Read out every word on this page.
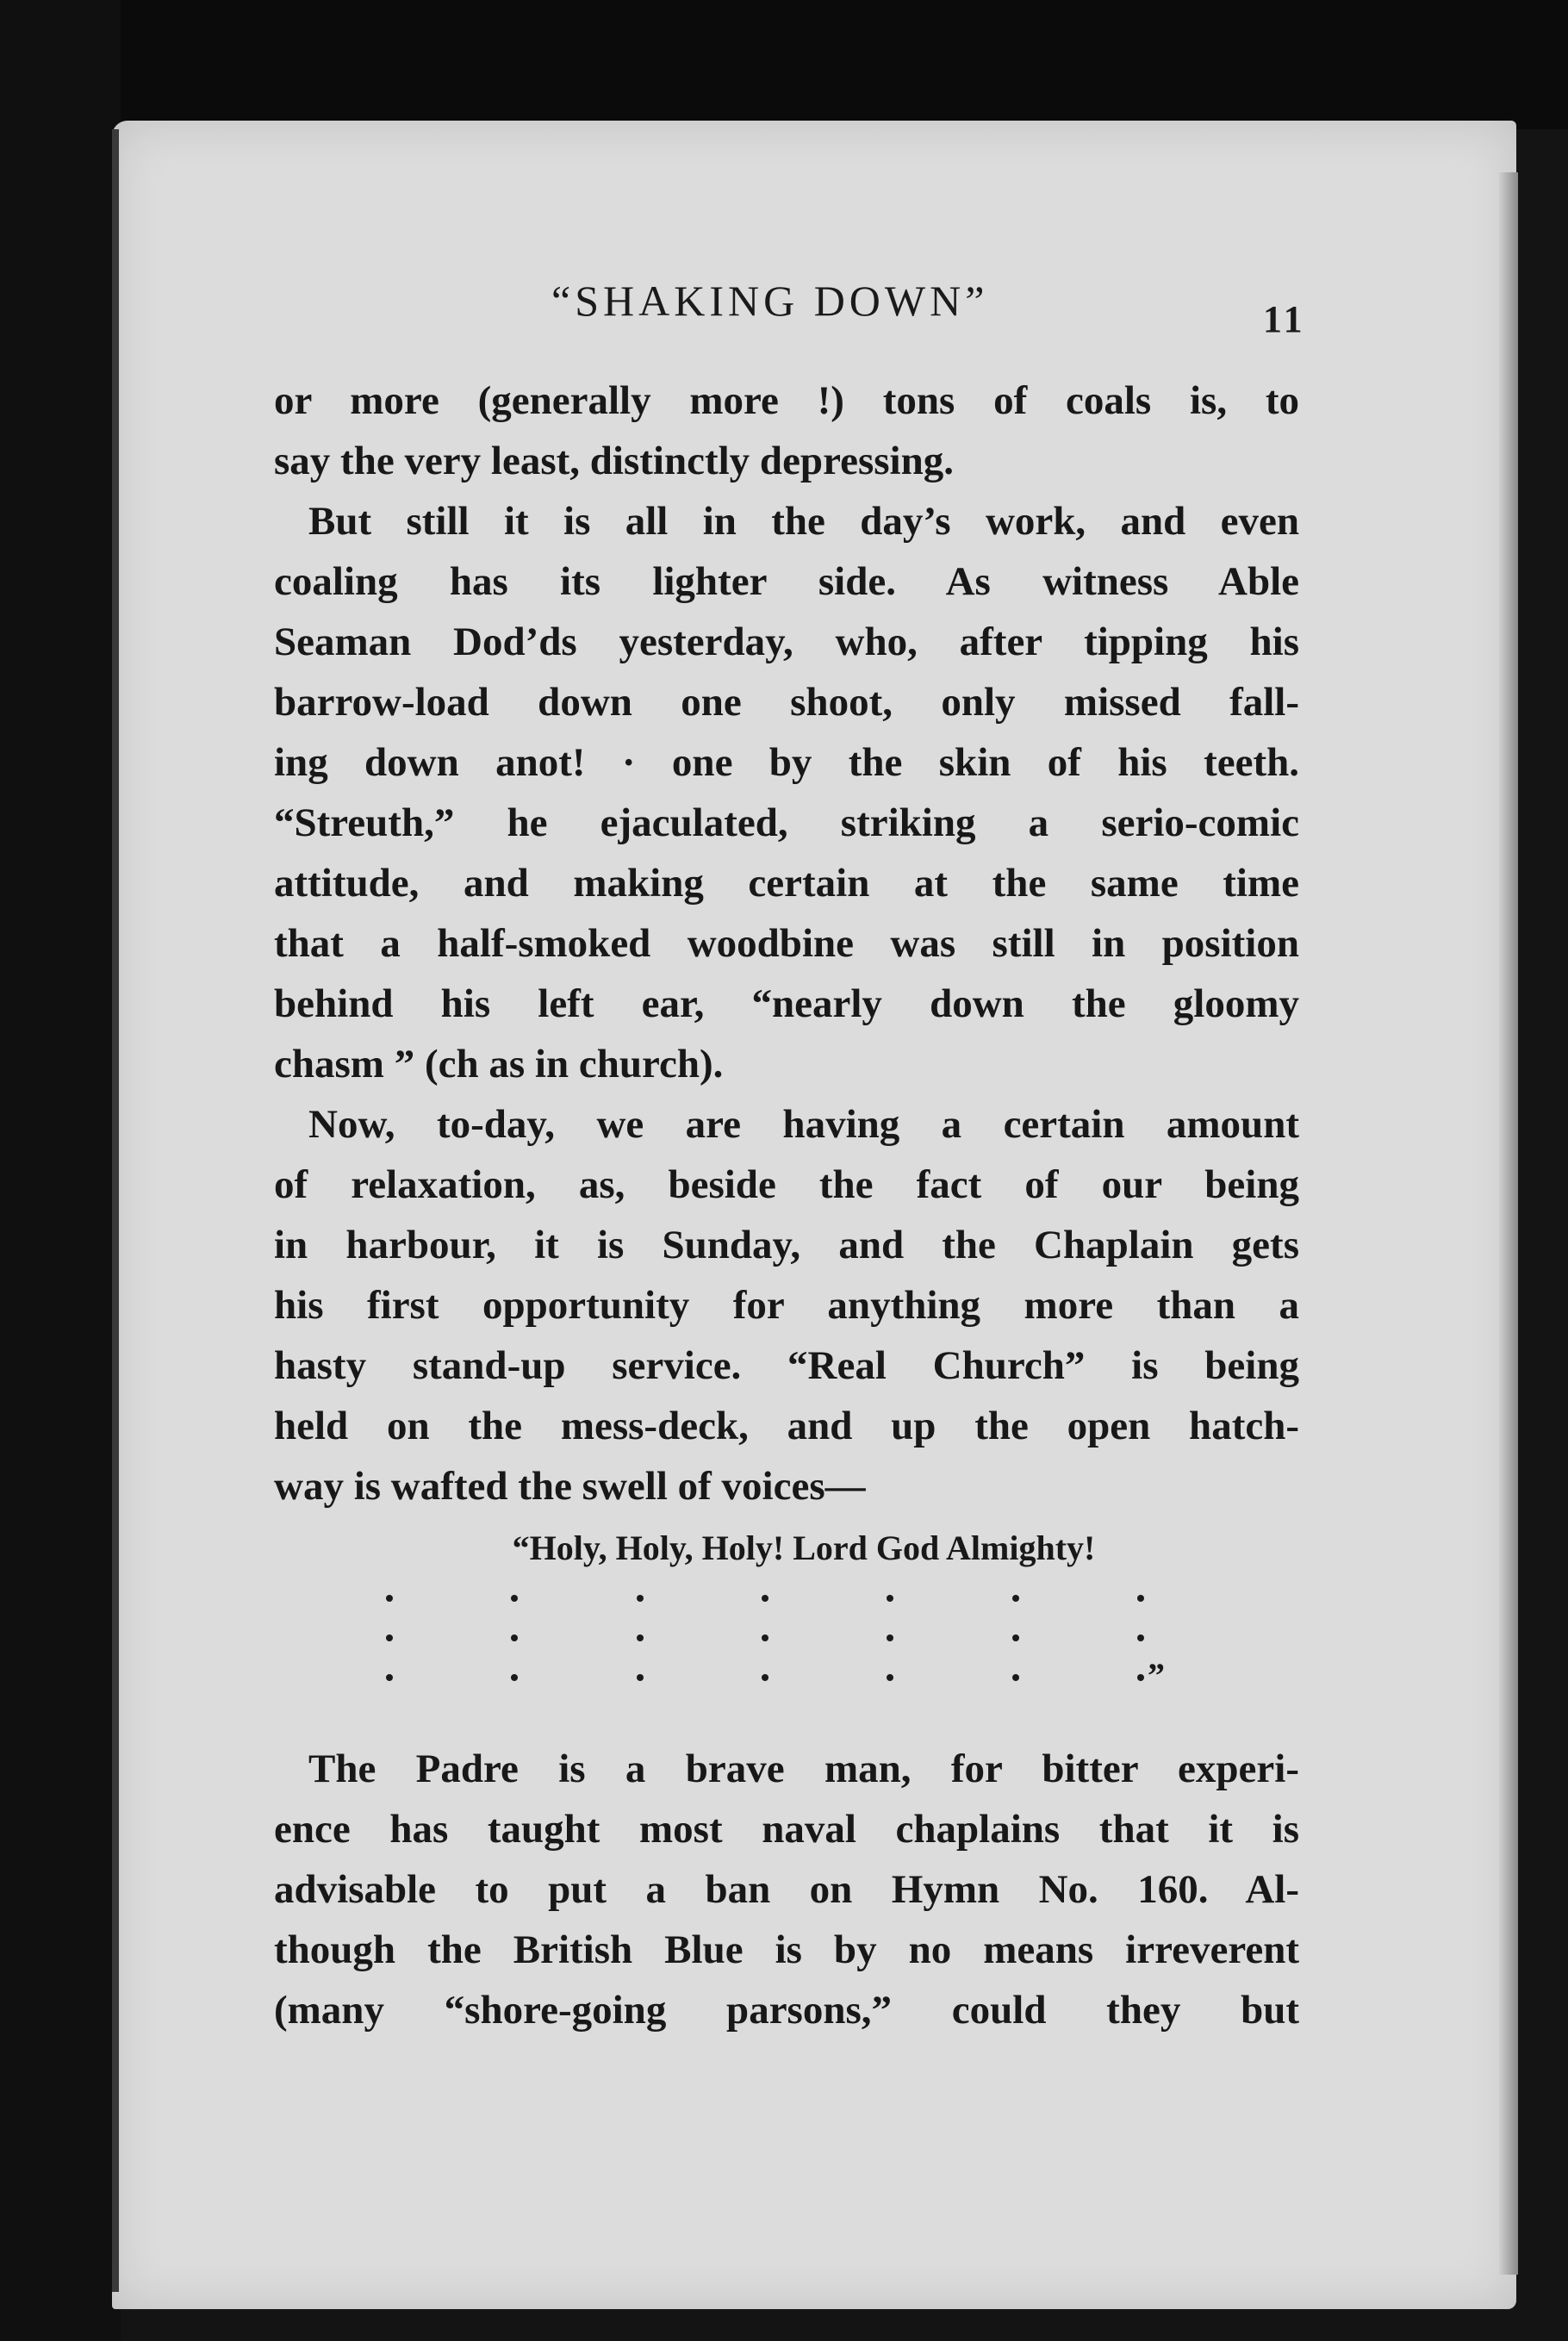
“SHAKING DOWN”	11
or more (generally more !) tons of coals is, to
say the very least, distinctly depressing.
But still it is all in the day’s work, and even
coaling has its lighter side. As witness Able
Seaman Dod’ds yesterday, who, after tipping his
barrow-load down one shoot, only missed fall-
ing down anot! · one by the skin of his teeth.
“Streuth,” he ejaculated, striking a serio-comic
attitude, and making certain at the same time
that a half-smoked woodbine was still in position
behind his left ear, “nearly down the gloomy
chasm ” (ch as in church).
Now, to-day, we are having a certain amount
of relaxation, as, beside the fact of our being
in harbour, it is Sunday, and the Chaplain gets
his first opportunity for anything more than a
hasty stand-up service. “Real Church” is being
held on the mess-deck, and up the open hatch-
way is wafted the swell of voices—
“Holy, Holy, Holy! Lord God Almighty!
”
The Padre is a brave man, for bitter experi-
ence has taught most naval chaplains that it is
advisable to put a ban on Hymn No. 160. Al-
though the British Blue is by no means irreverent
(many “shore-going parsons,” could they but
